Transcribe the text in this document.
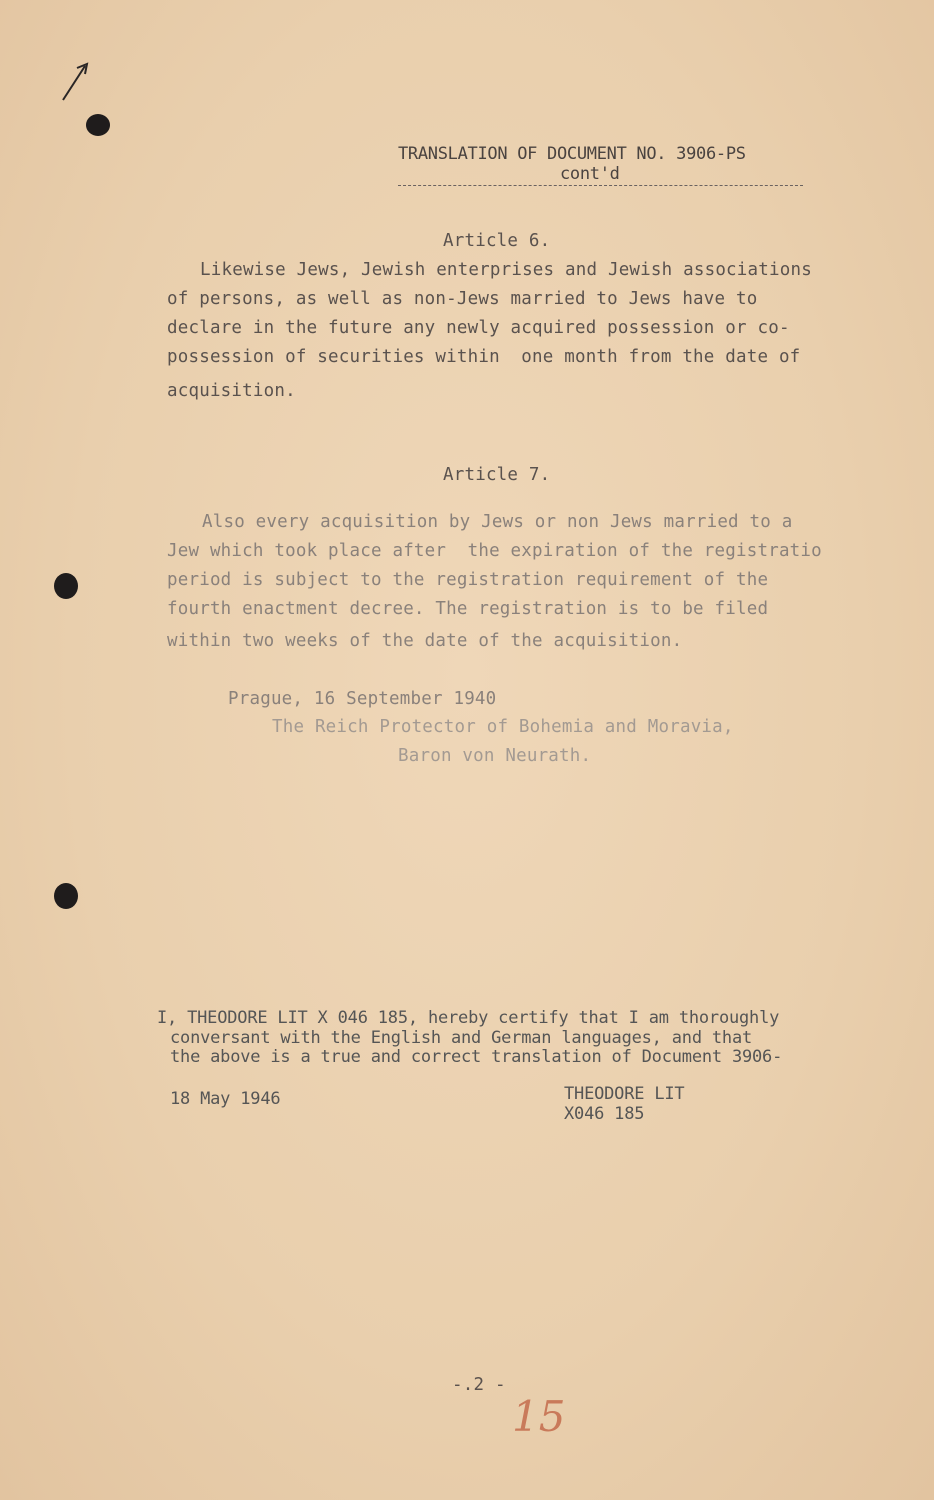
TRANSLATION OF DOCUMENT NO. 3906-PS
cont'd
Article 6.
Likewise Jews, Jewish enterprises and Jewish associations
of persons, as well as non-Jews married to Jews have to
declare in the future any newly acquired possession or co-
possession of securities within  one month from the date of
acquisition.
Article 7.
Also every acquisition by Jews or non Jews married to a
Jew which took place after  the expiration of the registratio
period is subject to the registration requirement of the
fourth enactment decree. The registration is to be filed
within two weeks of the date of the acquisition.
Prague, 16 September 1940
The Reich Protector of Bohemia and Moravia,
Baron von Neurath.
I, THEODORE LIT X 046 185, hereby certify that I am thoroughly
conversant with the English and German languages, and that
the above is a true and correct translation of Document 3906-
18 May 1946	THEODORE LIT
X046 185
-.2 -
15
